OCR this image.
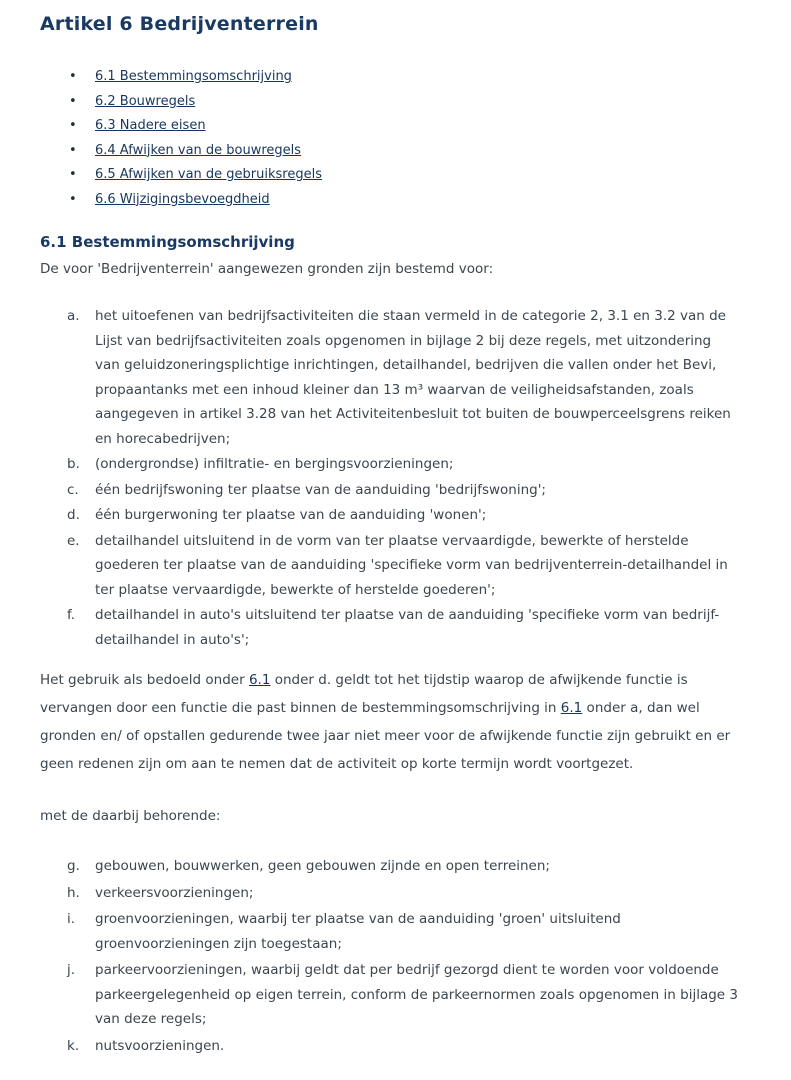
Artikel 6 Bedrijventerrein
• 6.1 Bestemmingsomschrijving
• 6.2 Bouwregels
• 6.3 Nadere eisen
• 6.4 Afwijken van de bouwregels
• 6.5 Afwijken van de gebruiksregels
• 6.6 Wijzigingsbevoegdheid
6.1 Bestemmingsomschrijving

De voor 'Bedrijventerrein' aangewezen gronden zijn bestemd voor:

a.	het uitoefenen van bedrijfsactiviteiten die staan vermeld in de categorie 2, 3.1 en 3.2 van de Lijst van bedrijfsactiviteiten zoals opgenomen in bijlage 2 bij deze regels, met uitzondering van geluidzoneringsplichtige inrichtingen, detailhandel, bedrijven die vallen onder het Bevi, propaantanks met een inhoud kleiner dan 13 m³ waarvan de veiligheidsafstanden, zoals aangegeven in artikel 3.28 van het Activiteitenbesluit tot buiten de bouwperceelsgrens reiken en horecabedrijven;
b.	(ondergrondse) infiltratie- en bergingsvoorzieningen;
c.	één bedrijfswoning ter plaatse van de aanduiding 'bedrijfswoning';
d.	één burgerwoning ter plaatse van de aanduiding 'wonen';
e.	detailhandel uitsluitend in de vorm van ter plaatse vervaardigde, bewerkte of herstelde goederen ter plaatse van de aanduiding 'specifieke vorm van bedrijventerrein-detailhandel in ter plaatse vervaardigde, bewerkte of herstelde goederen';
f.	detailhandel in auto's uitsluitend ter plaatse van de aanduiding 'specifieke vorm van bedrijf- detailhandel in auto's';

Het gebruik als bedoeld onder 6.1 onder d. geldt tot het tijdstip waarop de afwijkende functie is vervangen door een functie die past binnen de bestemmingsomschrijving in 6.1 onder a, dan wel gronden en/ of opstallen gedurende twee jaar niet meer voor de afwijkende functie zijn gebruikt en er geen redenen zijn om aan te nemen dat de activiteit op korte termijn wordt voortgezet.

met de daarbij behorende:

g.	gebouwen, bouwwerken, geen gebouwen zijnde en open terreinen;
h.	verkeersvoorzieningen;
i.	groenvoorzieningen, waarbij ter plaatse van de aanduiding 'groen' uitsluitend groenvoorzieningen zijn toegestaan;
j.	parkeervoorzieningen, waarbij geldt dat per bedrijf gezorgd dient te worden voor voldoende parkeergelegenheid op eigen terrein, conform de parkeernormen zoals opgenomen in bijlage 3 van deze regels;
k.	nutsvoorzieningen.
